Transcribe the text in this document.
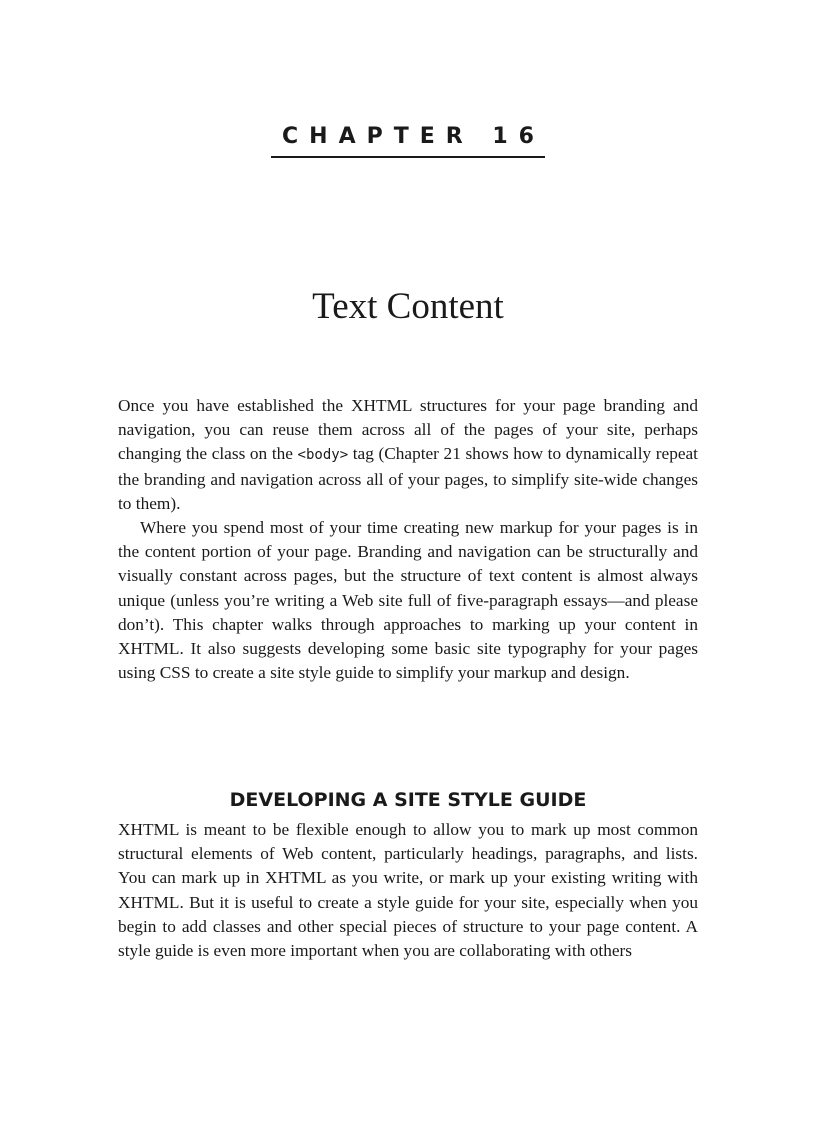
CHAPTER 16
Text Content

Once you have established the XHTML structures for your page branding and navigation, you can reuse them across all of the pages of your site, perhaps changing the class on the <body> tag (Chapter 21 shows how to dynamically repeat the branding and navigation across all of your pages, to simplify site-wide changes to them).

Where you spend most of your time creating new markup for your pages is in the content portion of your page. Branding and navigation can be structurally and visually constant across pages, but the structure of text content is almost always unique (unless you’re writing a Web site full of five-paragraph essays—and please don’t). This chapter walks through approaches to marking up your content in XHTML. It also suggests developing some basic site typography for your pages using CSS to create a site style guide to simplify your markup and design.

DEVELOPING A SITE STYLE GUIDE

XHTML is meant to be flexible enough to allow you to mark up most common structural elements of Web content, particularly headings, paragraphs, and lists. You can mark up in XHTML as you write, or mark up your existing writing with XHTML. But it is useful to create a style guide for your site, especially when you begin to add classes and other special pieces of structure to your page content. A style guide is even more important when you are collaborating with others
